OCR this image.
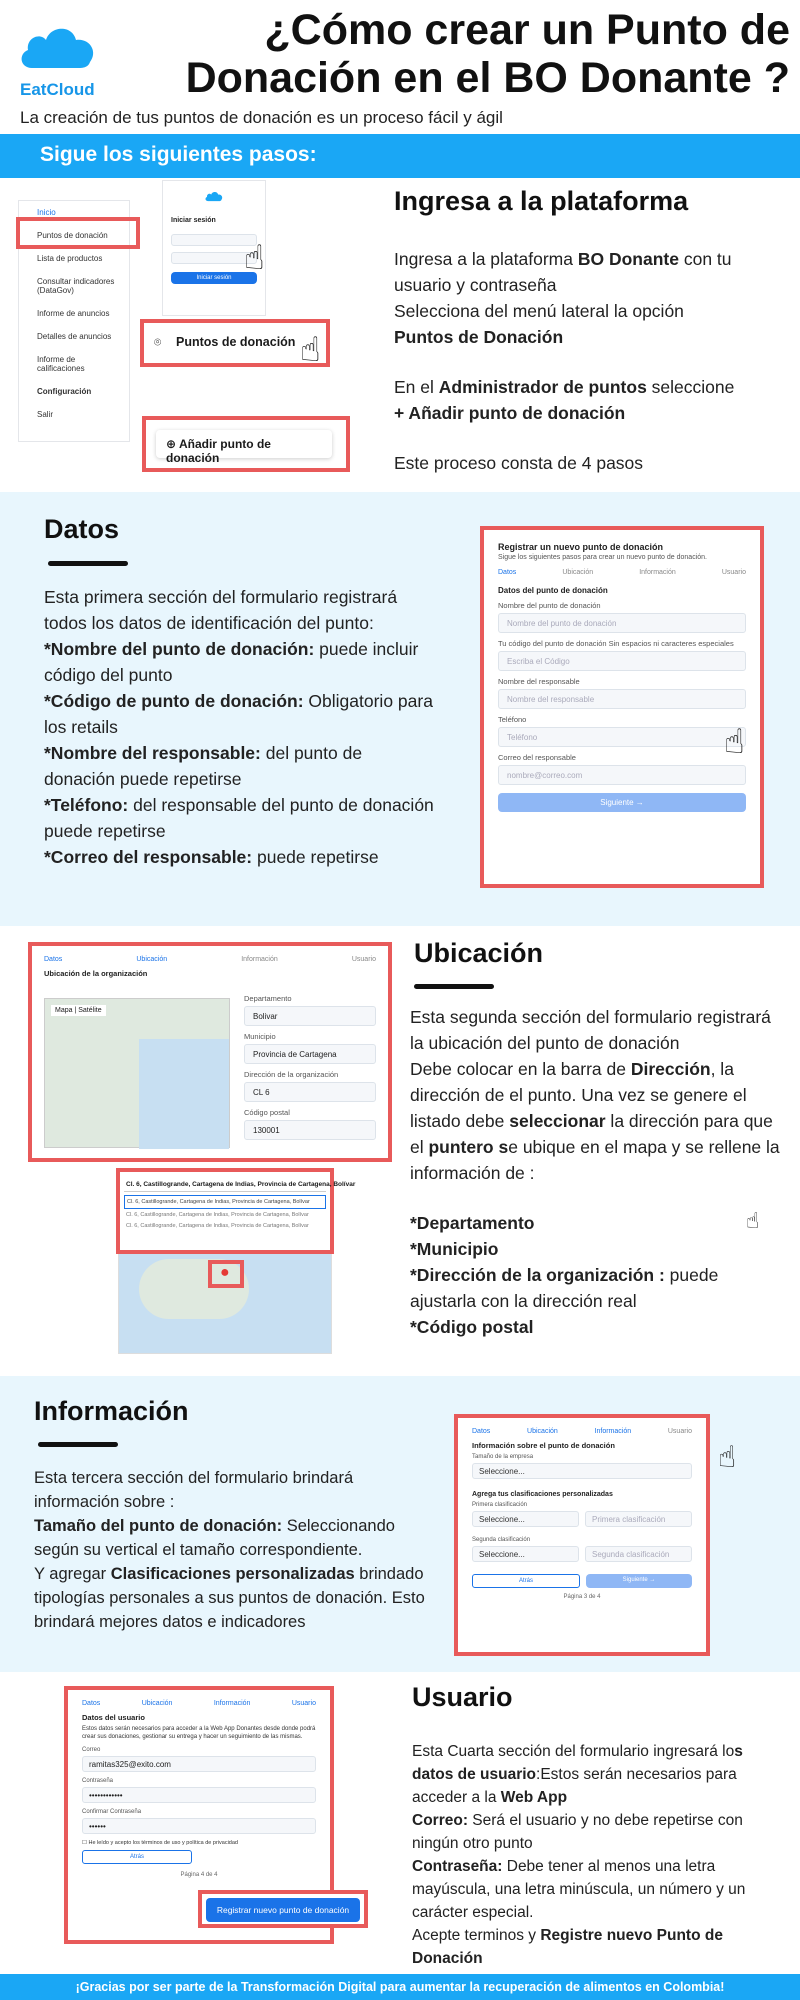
EatCloud
¿Cómo crear un Punto de
Donación en el BO Donante ?
La creación de tus puntos de donación es un proceso fácil y ágil
Sigue los siguientes pasos:
Inicio
Puntos de donación
Lista de productos
Consultar indicadores (DataGov)
Informe de anuncios
Detalles de anuncios
Informe de calificaciones
Configuración
Salir
Iniciar sesión
Iniciar sesión
☝
⌾ Puntos de donación ☝
⊕ Añadir punto de donación
Ingresa a la plataforma

Ingresa a la plataforma BO Donante con tu usuario y contraseña

Selecciona del menú lateral la opción

Puntos de Donación

En el Administrador de puntos seleccione

+ Añadir punto de donación

Este proceso consta de 4 pasos

Datos

Esta primera sección del formulario registrará todos los datos de identificación del punto:

*Nombre del punto de donación: puede incluir código del punto

*Código de punto de donación: Obligatorio para los retails

*Nombre del responsable: del punto de donación puede repetirse

*Teléfono: del responsable del punto de donación puede repetirse

*Correo del responsable: puede repetirse

Registrar un nuevo punto de donación
Sigue los siguientes pasos para crear un nuevo punto de donación.
Datos	Ubicación	Información	Usuario
Datos del punto de donación
Nombre del punto de donación
Nombre del punto de donación
Tu código del punto de donación Sin espacios ni caracteres especiales
Escriba el Código
Nombre del responsable
Nombre del responsable
Teléfono
Teléfono
Correo del responsable
nombre@correo.com
Siguiente →
☝
Datos	Ubicación	Información	Usuario
Ubicación de la organización
Mapa | Satélite
Departamento
Bolivar
Municipio
Provincia de Cartagena
Dirección de la organización
CL 6
Código postal
130001
Cl. 6, Castillogrande, Cartagena de Indias, Provincia de Cartagena, Bolívar
Cl. 6, Castillogrande, Cartagena de Indias, Provincia de Cartagena, Bolívar
Cl. 6, Castillogrande, Cartagena de Indias, Provincia de Cartagena, Bolívar
Cl. 6, Castillogrande, Cartagena de Indias, Provincia de Cartagena, Bolívar
●
Ubicación

Esta segunda sección del formulario registrará la ubicación del punto de donación

Debe colocar en la barra de Dirección, la dirección de el punto. Una vez se genere el listado debe seleccionar la dirección para que el puntero se ubique en el mapa y se rellene la información de :

*Departamento

*Municipio

*Dirección de la organización : puede ajustarla con la dirección real

*Código postal

☝
Información

Esta tercera sección del formulario brindará información sobre :

Tamaño del punto de donación: Seleccionando según su vertical el tamaño correspondiente.

Y agregar Clasificaciones personalizadas brindado tipologías personales a sus puntos de donación. Esto brindará mejores datos e indicadores

Datos	Ubicación	Información	Usuario
Información sobre el punto de donación
Tamaño de la empresa
Seleccione...
Agrega tus clasificaciones personalizadas
Primera clasificación
Seleccione...	Primera clasificación
Segunda clasificación
Seleccione...	Segunda clasificación
Atrás	Siguiente →
Página 3 de 4
☝
Datos	Ubicación	Información	Usuario
Datos del usuario
Estos datos serán necesarios para acceder a la Web App Donantes desde donde podrá crear sus donaciones, gestionar su entrega y hacer un seguimiento de las mismas.
Correo
ramitas325@exito.com
Contraseña
••••••••••••
Confirmar Contraseña
••••••
☐ He leído y acepto los términos de uso y política de privacidad
Atrás
Página 4 de 4
Registrar nuevo punto de donación
Usuario

Esta Cuarta sección del formulario ingresará los

datos de usuario:Estos serán necesarios para acceder a la Web App

Correo: Será el usuario y no debe repetirse con ningún otro punto

Contraseña: Debe tener al menos una letra mayúscula, una letra minúscula, un número y un carácter especial.

Acepte terminos y Registre nuevo Punto de Donación

¡Gracias por ser parte de la Transformación Digital para aumentar la recuperación de alimentos en Colombia!
